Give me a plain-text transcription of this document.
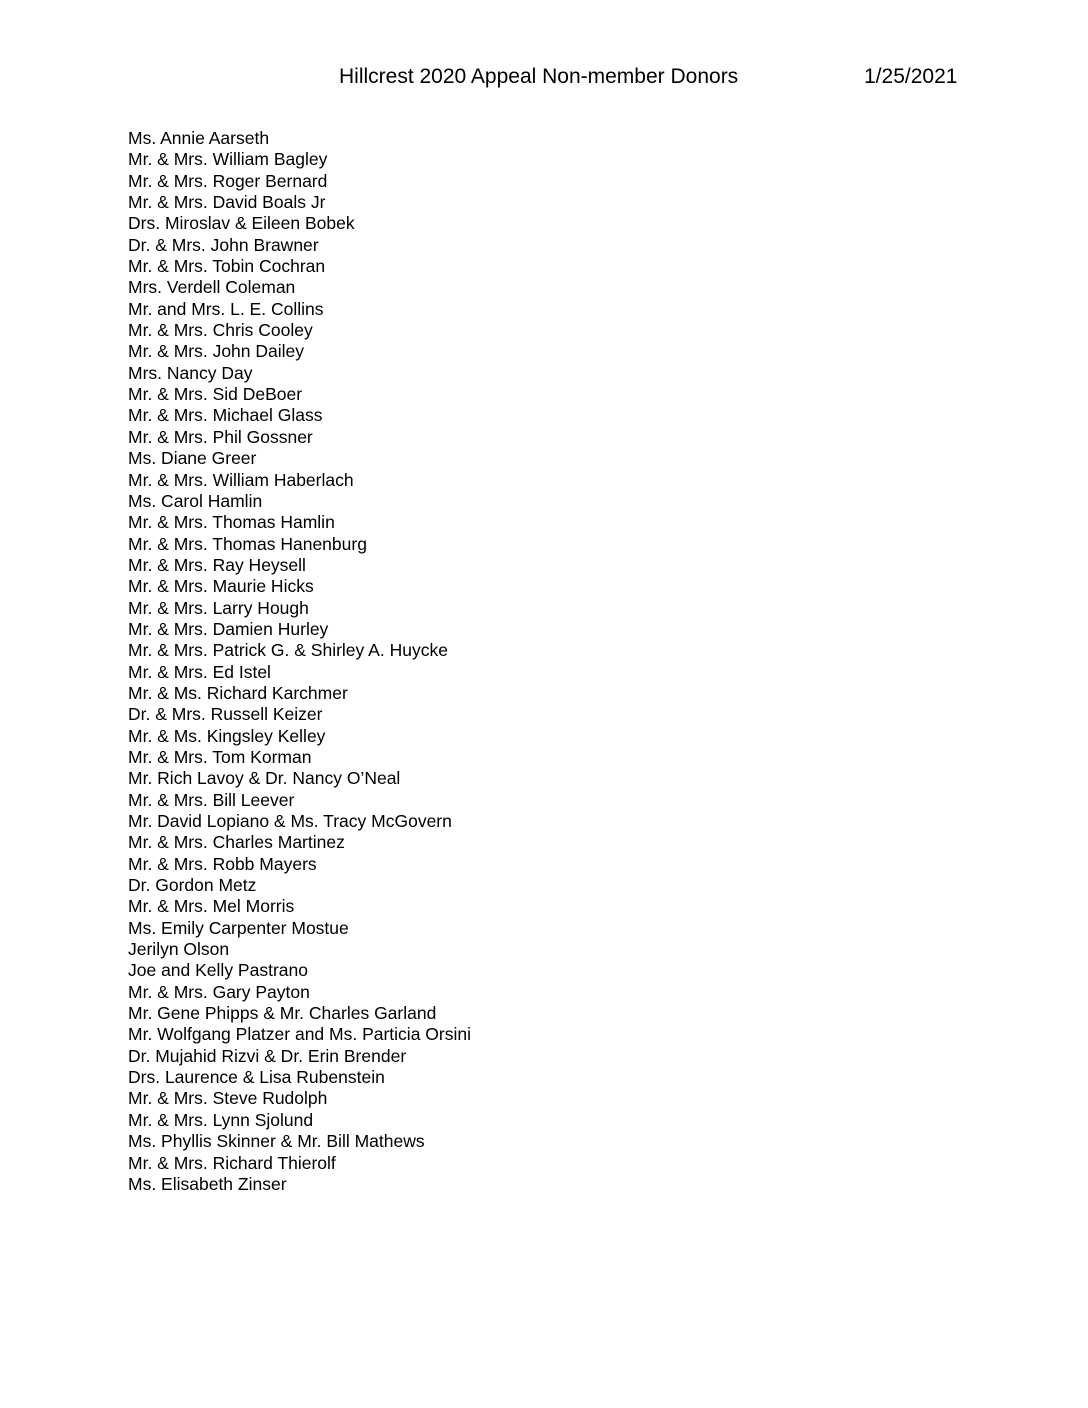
Hillcrest 2020 Appeal Non-member Donors	1/25/2021
Ms. Annie Aarseth
Mr. & Mrs. William Bagley
Mr. & Mrs. Roger Bernard
Mr. & Mrs. David Boals Jr
Drs. Miroslav & Eileen Bobek
Dr. & Mrs. John Brawner
Mr. & Mrs. Tobin Cochran
Mrs. Verdell Coleman
Mr. and Mrs. L. E. Collins
Mr. & Mrs. Chris Cooley
Mr. & Mrs. John Dailey
Mrs. Nancy Day
Mr. & Mrs. Sid DeBoer
Mr. & Mrs. Michael Glass
Mr. & Mrs. Phil Gossner
Ms. Diane Greer
Mr. & Mrs. William Haberlach
Ms. Carol Hamlin
Mr. & Mrs. Thomas Hamlin
Mr. & Mrs. Thomas Hanenburg
Mr. & Mrs. Ray Heysell
Mr. & Mrs. Maurie Hicks
Mr. & Mrs. Larry Hough
Mr. & Mrs. Damien Hurley
Mr. & Mrs. Patrick G. & Shirley A. Huycke
Mr. & Mrs. Ed Istel
Mr. & Ms. Richard Karchmer
Dr. & Mrs. Russell Keizer
Mr. & Ms. Kingsley Kelley
Mr. & Mrs. Tom Korman
Mr. Rich Lavoy & Dr. Nancy O’Neal
Mr. & Mrs. Bill Leever
Mr. David Lopiano & Ms. Tracy McGovern
Mr. & Mrs. Charles Martinez
Mr. & Mrs. Robb Mayers
Dr. Gordon Metz
Mr. & Mrs. Mel Morris
Ms. Emily Carpenter Mostue
Jerilyn Olson
Joe and Kelly Pastrano
Mr. & Mrs. Gary Payton
Mr. Gene Phipps & Mr. Charles Garland
Mr. Wolfgang Platzer and Ms. Particia Orsini
Dr. Mujahid Rizvi & Dr. Erin Brender
Drs. Laurence & Lisa Rubenstein
Mr. & Mrs. Steve Rudolph
Mr. & Mrs. Lynn Sjolund
Ms. Phyllis Skinner & Mr. Bill Mathews
Mr. & Mrs. Richard Thierolf
Ms. Elisabeth Zinser
